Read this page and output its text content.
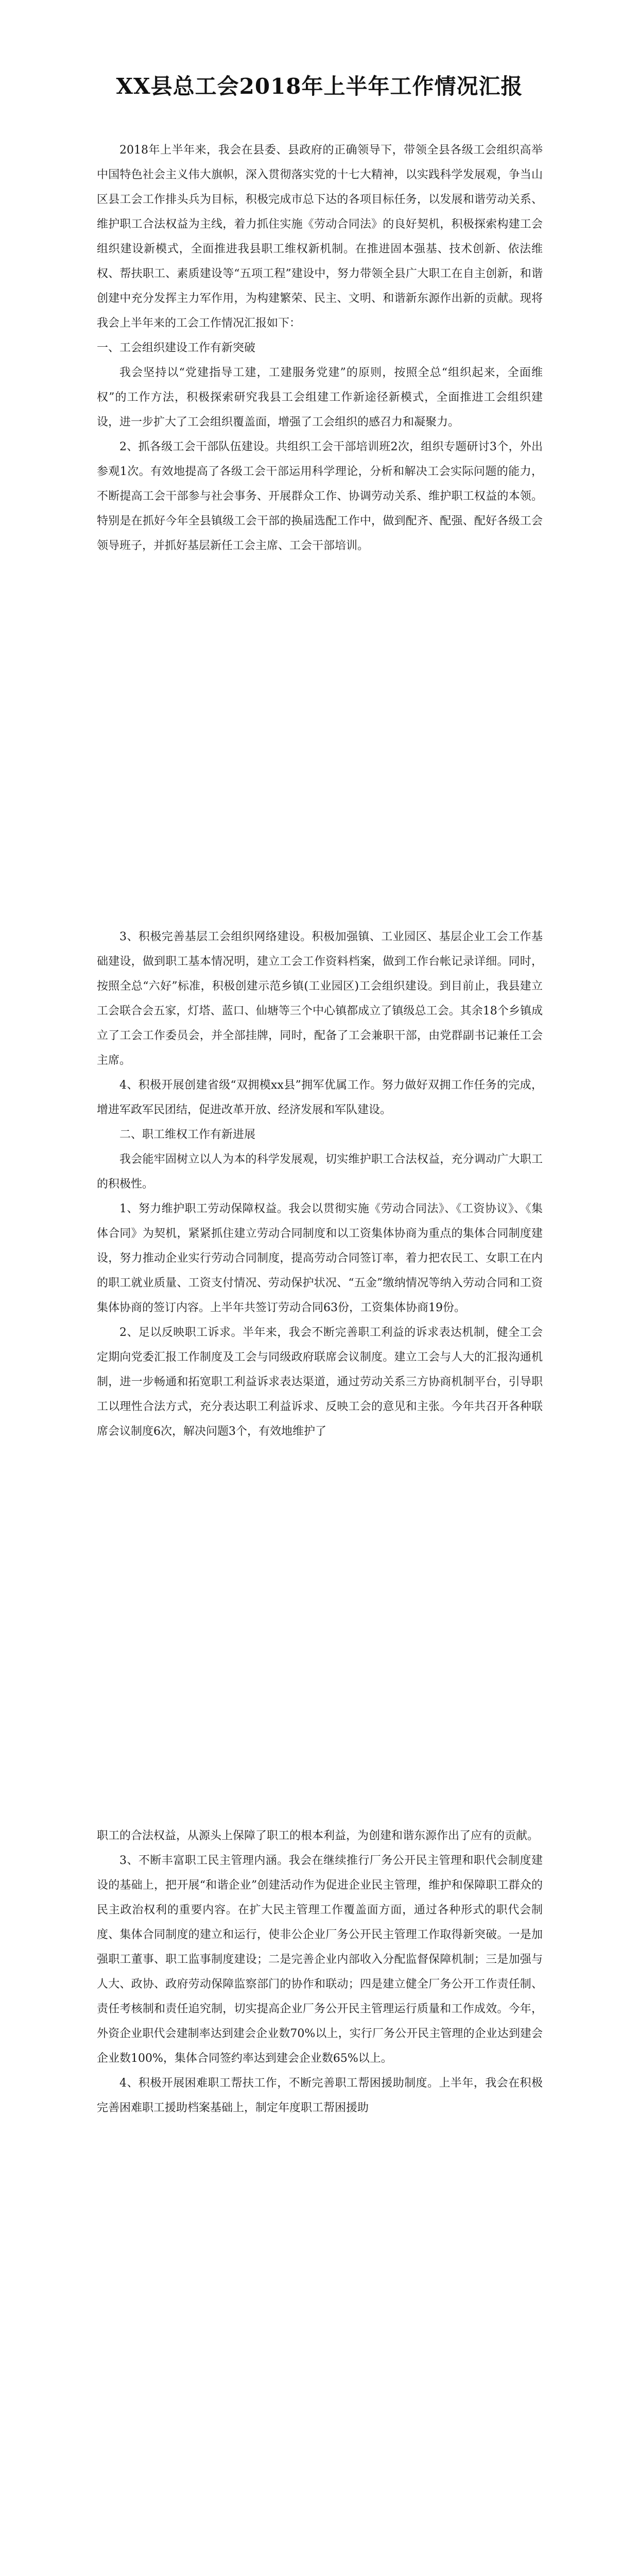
XX县总工会2018年上半年工作情况汇报

2018年上半年来，我会在县委、县政府的正确领导下，带领全县各级工会组织高举中国特色社会主义伟大旗帜，深入贯彻落实党的十七大精神，以实践科学发展观，争当山区县工会工作排头兵为目标，积极完成市总下达的各项目标任务，以发展和谐劳动关系、维护职工合法权益为主线，着力抓住实施《劳动合同法》的良好契机，积极探索构建工会组织建设新模式，全面推进我县职工维权新机制。在推进固本强基、技术创新、依法维权、帮扶职工、素质建设等“五项工程”建设中，努力带领全县广大职工在自主创新，和谐创建中充分发挥主力军作用，为构建繁荣、民主、文明、和谐新东源作出新的贡献。现将我会上半年来的工会工作情况汇报如下：

一、工会组织建设工作有新突破

我会坚持以“党建指导工建，工建服务党建”的原则，按照全总“组织起来，全面维权”的工作方法，积极探索研究我县工会组建工作新途径新模式，全面推进工会组织建设，进一步扩大了工会组织覆盖面，增强了工会组织的感召力和凝聚力。

2、抓各级工会干部队伍建设。共组织工会干部培训班2次，组织专题研讨3个，外出参观1次。有效地提高了各级工会干部运用科学理论，分析和解决工会实际问题的能力，不断提高工会干部参与社会事务、开展群众工作、协调劳动关系、维护职工权益的本领。特别是在抓好今年全县镇级工会干部的换届选配工作中，做到配齐、配强、配好各级工会领导班子，并抓好基层新任工会主席、工会干部培训。

3、积极完善基层工会组织网络建设。积极加强镇、工业园区、基层企业工会工作基础建设，做到职工基本情况明，建立工会工作资料档案，做到工作台帐记录详细。同时，按照全总“六好”标准，积极创建示范乡镇(工业园区)工会组织建设。到目前止，我县建立工会联合会五家，灯塔、蓝口、仙塘等三个中心镇都成立了镇级总工会。其余18个乡镇成立了工会工作委员会，并全部挂牌，同时，配备了工会兼职干部，由党群副书记兼任工会主席。

4、积极开展创建省级“双拥模xx县”拥军优属工作。努力做好双拥工作任务的完成，增进军政军民团结，促进改革开放、经济发展和军队建设。

二、职工维权工作有新进展

我会能牢固树立以人为本的科学发展观，切实维护职工合法权益，充分调动广大职工的积极性。

1、努力维护职工劳动保障权益。我会以贯彻实施《劳动合同法》、《工资协议》、《集体合同》为契机，紧紧抓住建立劳动合同制度和以工资集体协商为重点的集体合同制度建设，努力推动企业实行劳动合同制度，提高劳动合同签订率，着力把农民工、女职工在内的职工就业质量、工资支付情况、劳动保护状况、“五金”缴纳情况等纳入劳动合同和工资集体协商的签订内容。上半年共签订劳动合同63份，工资集体协商19份。

2、足以反映职工诉求。半年来，我会不断完善职工利益的诉求表达机制，健全工会定期向党委汇报工作制度及工会与同级政府联席会议制度。建立工会与人大的汇报沟通机制，进一步畅通和拓宽职工利益诉求表达渠道，通过劳动关系三方协商机制平台，引导职工以理性合法方式，充分表达职工利益诉求、反映工会的意见和主张。今年共召开各种联席会议制度6次，解决问题3个，有效地维护了

职工的合法权益，从源头上保障了职工的根本利益，为创建和谐东源作出了应有的贡献。

3、不断丰富职工民主管理内涵。我会在继续推行厂务公开民主管理和职代会制度建设的基础上，把开展“和谐企业”创建活动作为促进企业民主管理，维护和保障职工群众的民主政治权利的重要内容。在扩大民主管理工作覆盖面方面，通过各种形式的职代会制度、集体合同制度的建立和运行，使非公企业厂务公开民主管理工作取得新突破。一是加强职工董事、职工监事制度建设；二是完善企业内部收入分配监督保障机制；三是加强与人大、政协、政府劳动保障监察部门的协作和联动；四是建立健全厂务公开工作责任制、责任考核制和责任追究制，切实提高企业厂务公开民主管理运行质量和工作成效。今年，外资企业职代会建制率达到建会企业数70%以上，实行厂务公开民主管理的企业达到建会企业数100%，集体合同签约率达到建会企业数65%以上。

4、积极开展困难职工帮扶工作，不断完善职工帮困援助制度。上半年，我会在积极完善困难职工援助档案基础上，制定年度职工帮困援助
